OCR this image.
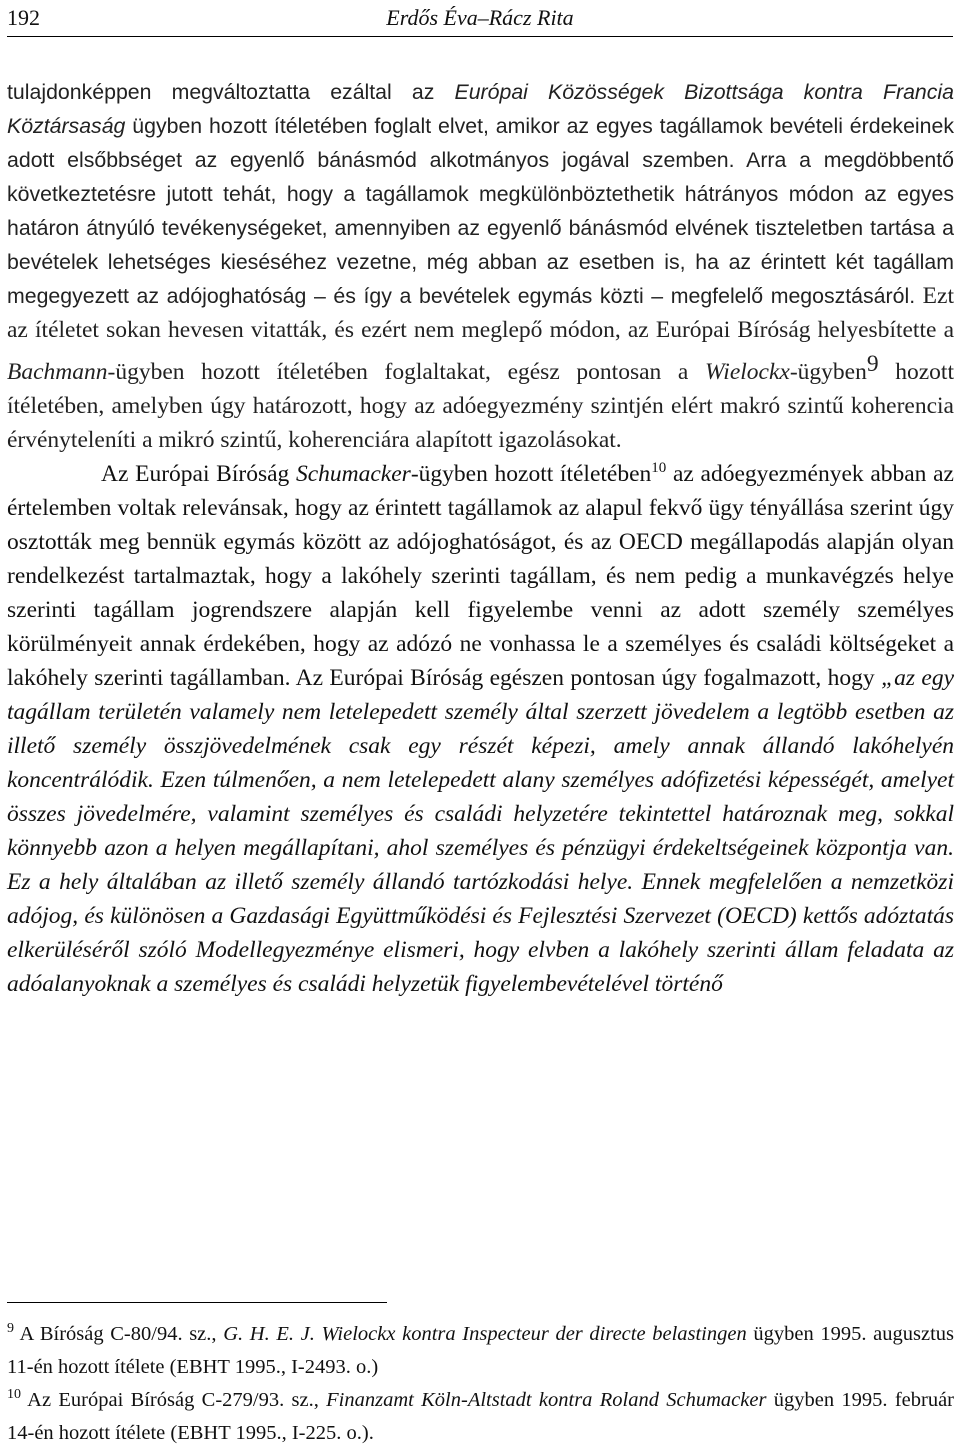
192	Erdős Éva–Rácz Rita

tulajdonképpen megváltoztatta ezáltal az Európai Közösségek Bizottsága kontra Francia Köztársaság ügyben hozott ítéletében foglalt elvet, amikor az egyes tagállamok bevételi érdekeinek adott elsőbbséget az egyenlő bánásmód alkotmányos jogával szemben. Arra a megdöbbentő következtetésre jutott tehát, hogy a tagállamok megkülönböztethetik hátrányos módon az egyes határon átnyúló tevékenységeket, amennyiben az egyenlő bánásmód elvének tiszteletben tartása a bevételek lehetséges kieséséhez vezetne, még abban az esetben is, ha az érintett két tagállam megegyezett az adójoghatóság – és így a bevételek egymás közti – megfelelő megosztásáról. Ezt az ítéletet sokan hevesen vitatták, és ezért nem meglepő módon, az Európai Bíróság helyesbítette a Bachmann-ügyben hozott ítéletében foglaltakat, egész pontosan a Wielockx-ügyben$^9$ hozott ítéletében, amelyben úgy határozott, hogy az adóegyezmény szintjén elért makró szintű koherencia érvényteleníti a mikró szintű, koherenciára alapított igazolásokat.

Az Európai Bíróság Schumacker-ügyben hozott ítéletében$^{10}$ az adóegyezmények abban az értelemben voltak relevánsak, hogy az érintett tagállamok az alapul fekvő ügy tényállása szerint úgy osztották meg bennük egymás között az adójoghatóságot, és az OECD megállapodás alapján olyan rendelkezést tartalmaztak, hogy a lakóhely szerinti tagállam, és nem pedig a munkavégzés helye szerinti tagállam jogrendszere alapján kell figyelembe venni az adott személy személyes körülményeit annak érdekében, hogy az adózó ne vonhassa le a személyes és családi költségeket a lakóhely szerinti tagállamban. Az Európai Bíróság egészen pontosan úgy fogalmazott, hogy „az egy tagállam területén valamely nem letelepedett személy által szerzett jövedelem a legtöbb esetben az illető személy összjövedelmének csak egy részét képezi, amely annak állandó lakóhelyén koncentrálódik. Ezen túlmenően, a nem letelepedett alany személyes adófizetési képességét, amelyet összes jövedelmére, valamint személyes és családi helyzetére tekintettel határoznak meg, sokkal könnyebb azon a helyen megállapítani, ahol személyes és pénzügyi érdekeltségeinek központja van. Ez a hely általában az illető személy állandó tartózkodási helye. Ennek megfelelően a nemzetközi adójog, és különösen a Gazdasági Együttműködési és Fejlesztési Szervezet (OECD) kettős adóztatás elkerüléséről szóló Modellegyezménye elismeri, hogy elvben a lakóhely szerinti állam feladata az adóalanyoknak a személyes és családi helyzetük figyelembevételével történő

$^9$ A Bíróság C-80/94. sz., G. H. E. J. Wielockx kontra Inspecteur der directe belastingen ügyben 1995. augusztus 11-én hozott ítélete (EBHT 1995., I-2493. o.)

$^{10}$ Az Európai Bíróság C-279/93. sz., Finanzamt Köln-Altstadt kontra Roland Schumacker ügyben 1995. február 14-én hozott ítélete (EBHT 1995., I-225. o.).
